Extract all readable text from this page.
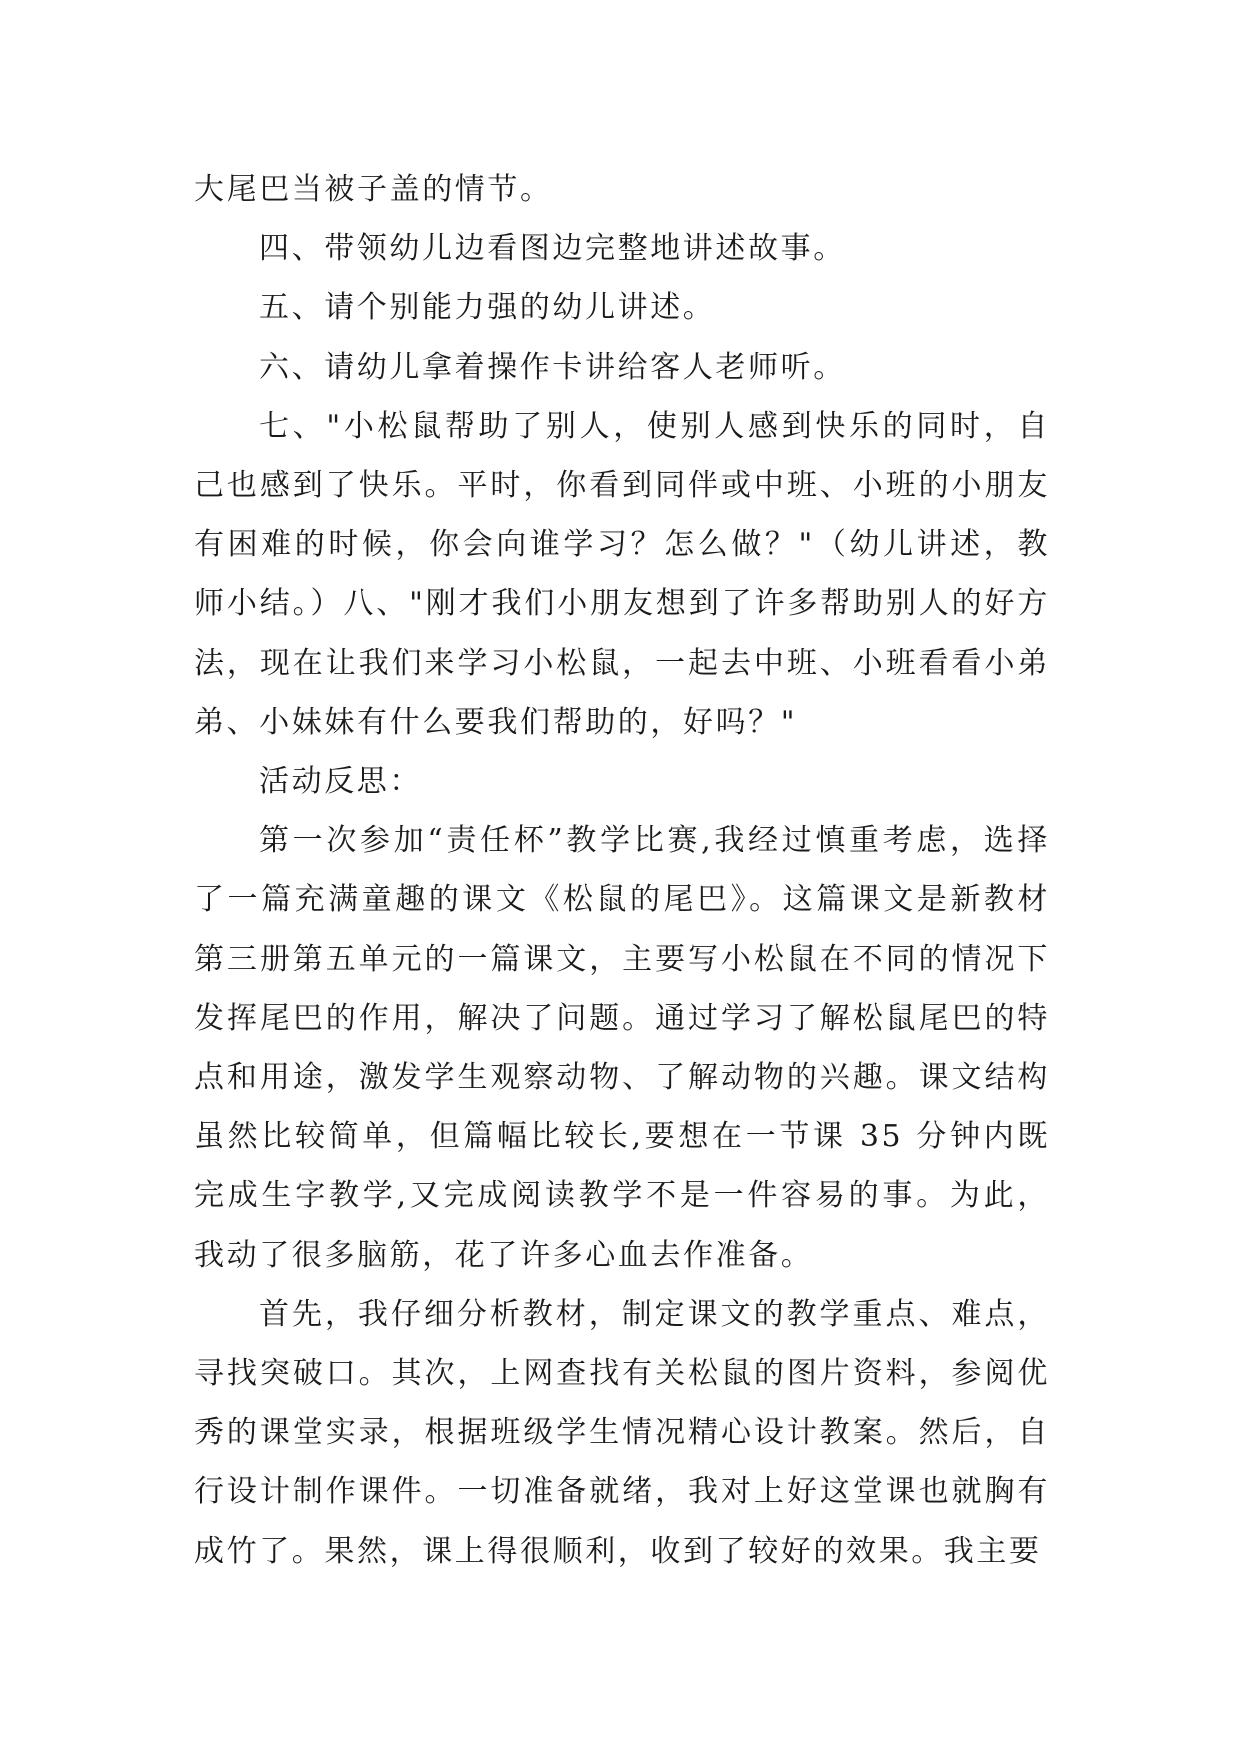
大尾巴当被子盖的情节。

四、带领幼儿边看图边完整地讲述故事。

五、请个别能力强的幼儿讲述。

六、请幼儿拿着操作卡讲给客人老师听。

七、"小松鼠帮助了别人，使别人感到快乐的同时，自己也感到了快乐。平时，你看到同伴或中班、小班的小朋友有困难的时候，你会向谁学习？怎么做？"（幼儿讲述，教师小结。）八、"刚才我们小朋友想到了许多帮助别人的好方法，现在让我们来学习小松鼠，一起去中班、小班看看小弟弟、小妹妹有什么要我们帮助的，好吗？"

活动反思：

第一次参加“责任杯”教学比赛,我经过慎重考虑，选择了一篇充满童趣的课文《松鼠的尾巴》。这篇课文是新教材第三册第五单元的一篇课文，主要写小松鼠在不同的情况下发挥尾巴的作用，解决了问题。通过学习了解松鼠尾巴的特点和用途，激发学生观察动物、了解动物的兴趣。课文结构虽然比较简单，但篇幅比较长,要想在一节课 35 分钟内既完成生字教学,又完成阅读教学不是一件容易的事。为此，我动了很多脑筋，花了许多心血去作准备。

首先，我仔细分析教材，制定课文的教学重点、难点，寻找突破口。其次，上网查找有关松鼠的图片资料，参阅优秀的课堂实录，根据班级学生情况精心设计教案。然后，自行设计制作课件。一切准备就绪，我对上好这堂课也就胸有成竹了。果然，课上得很顺利，收到了较好的效果。我主要
